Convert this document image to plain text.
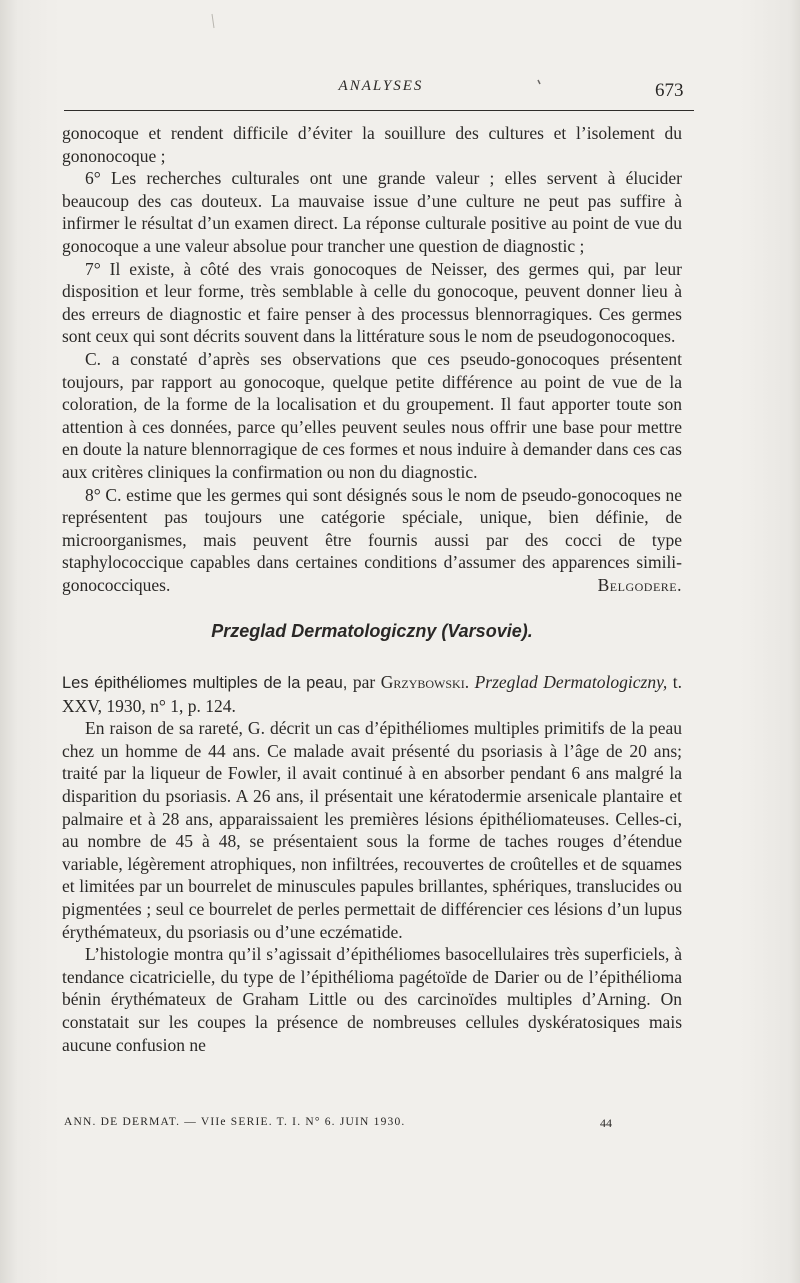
ANALYSES	673

gonocoque et rendent difficile d’éviter la souillure des cultures et l’isolement du gononocoque ;

6° Les recherches culturales ont une grande valeur ; elles servent à élucider beaucoup des cas douteux. La mauvaise issue d’une culture ne peut pas suffire à infirmer le résultat d’un examen direct. La réponse culturale positive au point de vue du gonocoque a une valeur absolue pour trancher une question de diagnostic ;

7° Il existe, à côté des vrais gonocoques de Neisser, des germes qui, par leur disposition et leur forme, très semblable à celle du gonocoque, peuvent donner lieu à des erreurs de diagnostic et faire penser à des processus blennorragiques. Ces germes sont ceux qui sont décrits souvent dans la littérature sous le nom de pseudogonocoques.

C. a constaté d’après ses observations que ces pseudo-gonocoques présentent toujours, par rapport au gonocoque, quelque petite différence au point de vue de la coloration, de la forme de la localisation et du groupement. Il faut apporter toute son attention à ces données, parce qu’elles peuvent seules nous offrir une base pour mettre en doute la nature blennorragique de ces formes et nous induire à demander dans ces cas aux critères cliniques la confirmation ou non du diagnostic.

8° C. estime que les germes qui sont désignés sous le nom de pseudo-gonocoques ne représentent pas toujours une catégorie spéciale, unique, bien définie, de microorganismes, mais peuvent être fournis aussi par des cocci de type staphylococcique capables dans certaines conditions d’assumer des apparences simili-gonococciques.	Belgodere.

Przeglad Dermatologiczny (Varsovie).

Les épithéliomes multiples de la peau, par Grzybowski. Przeglad Dermatologiczny, t. XXV, 1930, n° 1, p. 124.

En raison de sa rareté, G. décrit un cas d’épithéliomes multiples primitifs de la peau chez un homme de 44 ans. Ce malade avait présenté du psoriasis à l’âge de 20 ans; traité par la liqueur de Fowler, il avait continué à en absorber pendant 6 ans malgré la disparition du psoriasis. A 26 ans, il présentait une kératodermie arsenicale plantaire et palmaire et à 28 ans, apparaissaient les premières lésions épithéliomateuses. Celles-ci, au nombre de 45 à 48, se présentaient sous la forme de taches rouges d’étendue variable, légèrement atrophiques, non infiltrées, recouvertes de croûtelles et de squames et limitées par un bourrelet de minuscules papules brillantes, sphériques, translucides ou pigmentées ; seul ce bourrelet de perles permettait de différencier ces lésions d’un lupus érythémateux, du psoriasis ou d’une eczématide.

L’histologie montra qu’il s’agissait d’épithéliomes basocellulaires très superficiels, à tendance cicatricielle, du type de l’épithélioma pagétoïde de Darier ou de l’épithélioma bénin érythémateux de Graham Little ou des carcinoïdes multiples d’Arning. On constatait sur les coupes la présence de nombreuses cellules dyskératosiques mais aucune confusion ne

ANN. DE DERMAT. — VIIe SERIE. T. I. N° 6. JUIN 1930.	44
